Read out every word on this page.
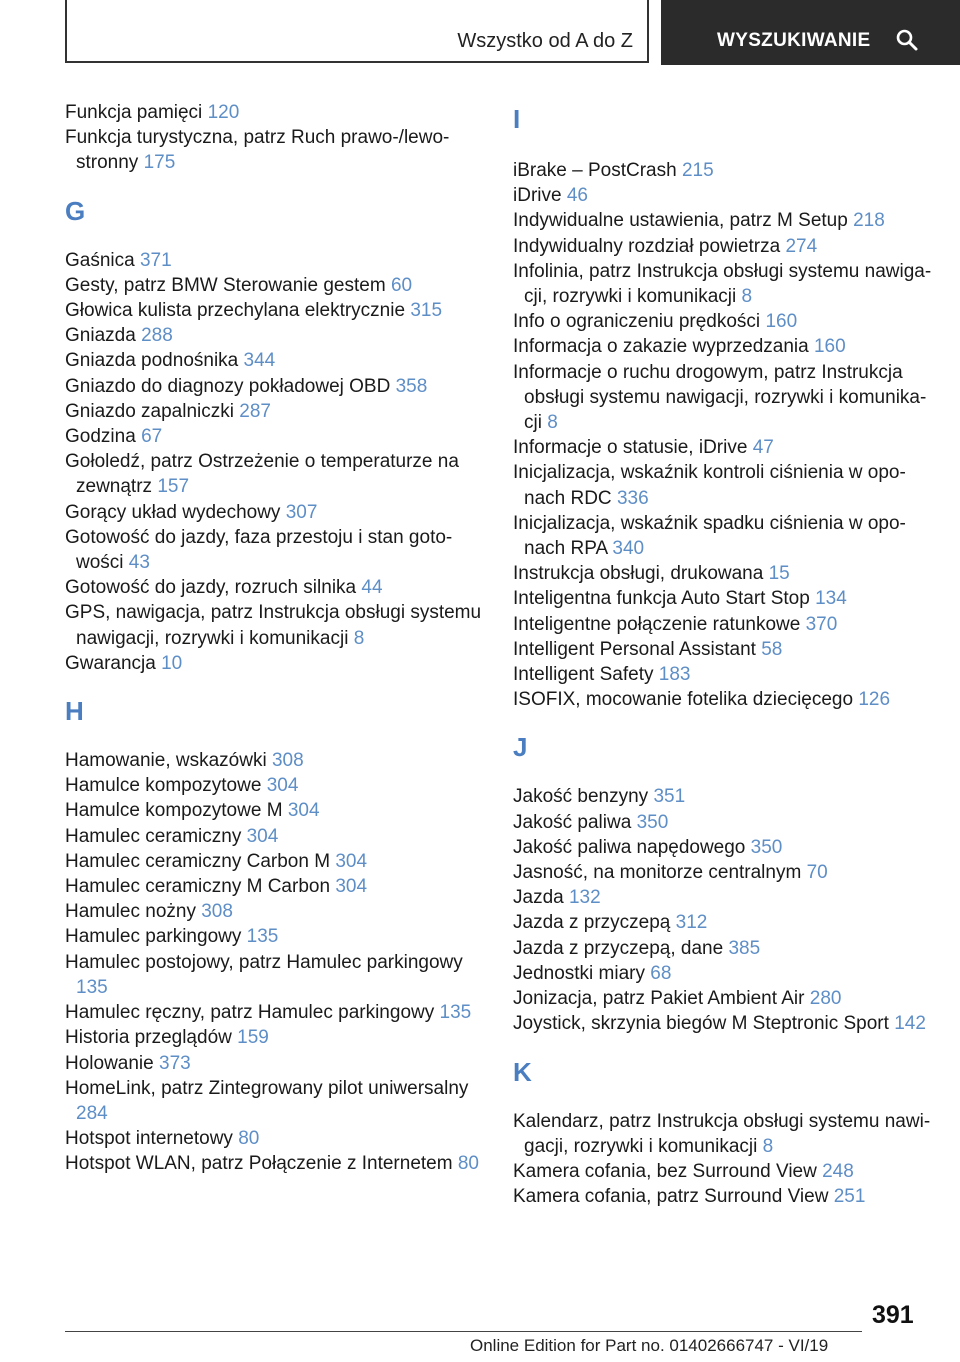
Wszystko od A do Z	WYSZUKIWANIE
Funkcja pamięci 120
Funkcja turystyczna, patrz Ruch prawo-/lewostronny 175
G
Gaśnica 371
Gesty, patrz BMW Sterowanie gestem 60
Głowica kulista przechylana elektrycznie 315
Gniazda 288
Gniazda podnośnika 344
Gniazdo do diagnozy pokładowej OBD 358
Gniazdo zapalniczki 287
Godzina 67
Gołoledź, patrz Ostrzeżenie o temperaturze na zewnątrz 157
Gorący układ wydechowy 307
Gotowość do jazdy, faza przestoju i stan gotowości 43
Gotowość do jazdy, rozruch silnika 44
GPS, nawigacja, patrz Instrukcja obsługi systemu nawigacji, rozrywki i komunikacji 8
Gwarancja 10
H
Hamowanie, wskazówki 308
Hamulce kompozytowe 304
Hamulce kompozytowe M 304
Hamulec ceramiczny 304
Hamulec ceramiczny Carbon M 304
Hamulec ceramiczny M Carbon 304
Hamulec nożny 308
Hamulec parkingowy 135
Hamulec postojowy, patrz Hamulec parkingowy 135
Hamulec ręczny, patrz Hamulec parkingowy 135
Historia przeglądów 159
Holowanie 373
HomeLink, patrz Zintegrowany pilot uniwersalny 284
Hotspot internetowy 80
Hotspot WLAN, patrz Połączenie z Internetem 80
I
iBrake – PostCrash 215
iDrive 46
Indywidualne ustawienia, patrz M Setup 218
Indywidualny rozdział powietrza 274
Infolinia, patrz Instrukcja obsługi systemu nawigacji, rozrywki i komunikacji 8
Info o ograniczeniu prędkości 160
Informacja o zakazie wyprzedzania 160
Informacje o ruchu drogowym, patrz Instrukcja obsługi systemu nawigacji, rozrywki i komunikacji 8
Informacje o statusie, iDrive 47
Inicjalizacja, wskaźnik kontroli ciśnienia w oponach RDC 336
Inicjalizacja, wskaźnik spadku ciśnienia w oponach RPA 340
Instrukcja obsługi, drukowana 15
Inteligentna funkcja Auto Start Stop 134
Inteligentne połączenie ratunkowe 370
Intelligent Personal Assistant 58
Intelligent Safety 183
ISOFIX, mocowanie fotelika dziecięcego 126
J
Jakość benzyny 351
Jakość paliwa 350
Jakość paliwa napędowego 350
Jasność, na monitorze centralnym 70
Jazda 132
Jazda z przyczepą 312
Jazda z przyczepą, dane 385
Jednostki miary 68
Jonizacja, patrz Pakiet Ambient Air 280
Joystick, skrzynia biegów M Steptronic Sport 142
K
Kalendarz, patrz Instrukcja obsługi systemu nawigacji, rozrywki i komunikacji 8
Kamera cofania, bez Surround View 248
Kamera cofania, patrz Surround View 251
391
Online Edition for Part no. 01402666747 - VI/19
